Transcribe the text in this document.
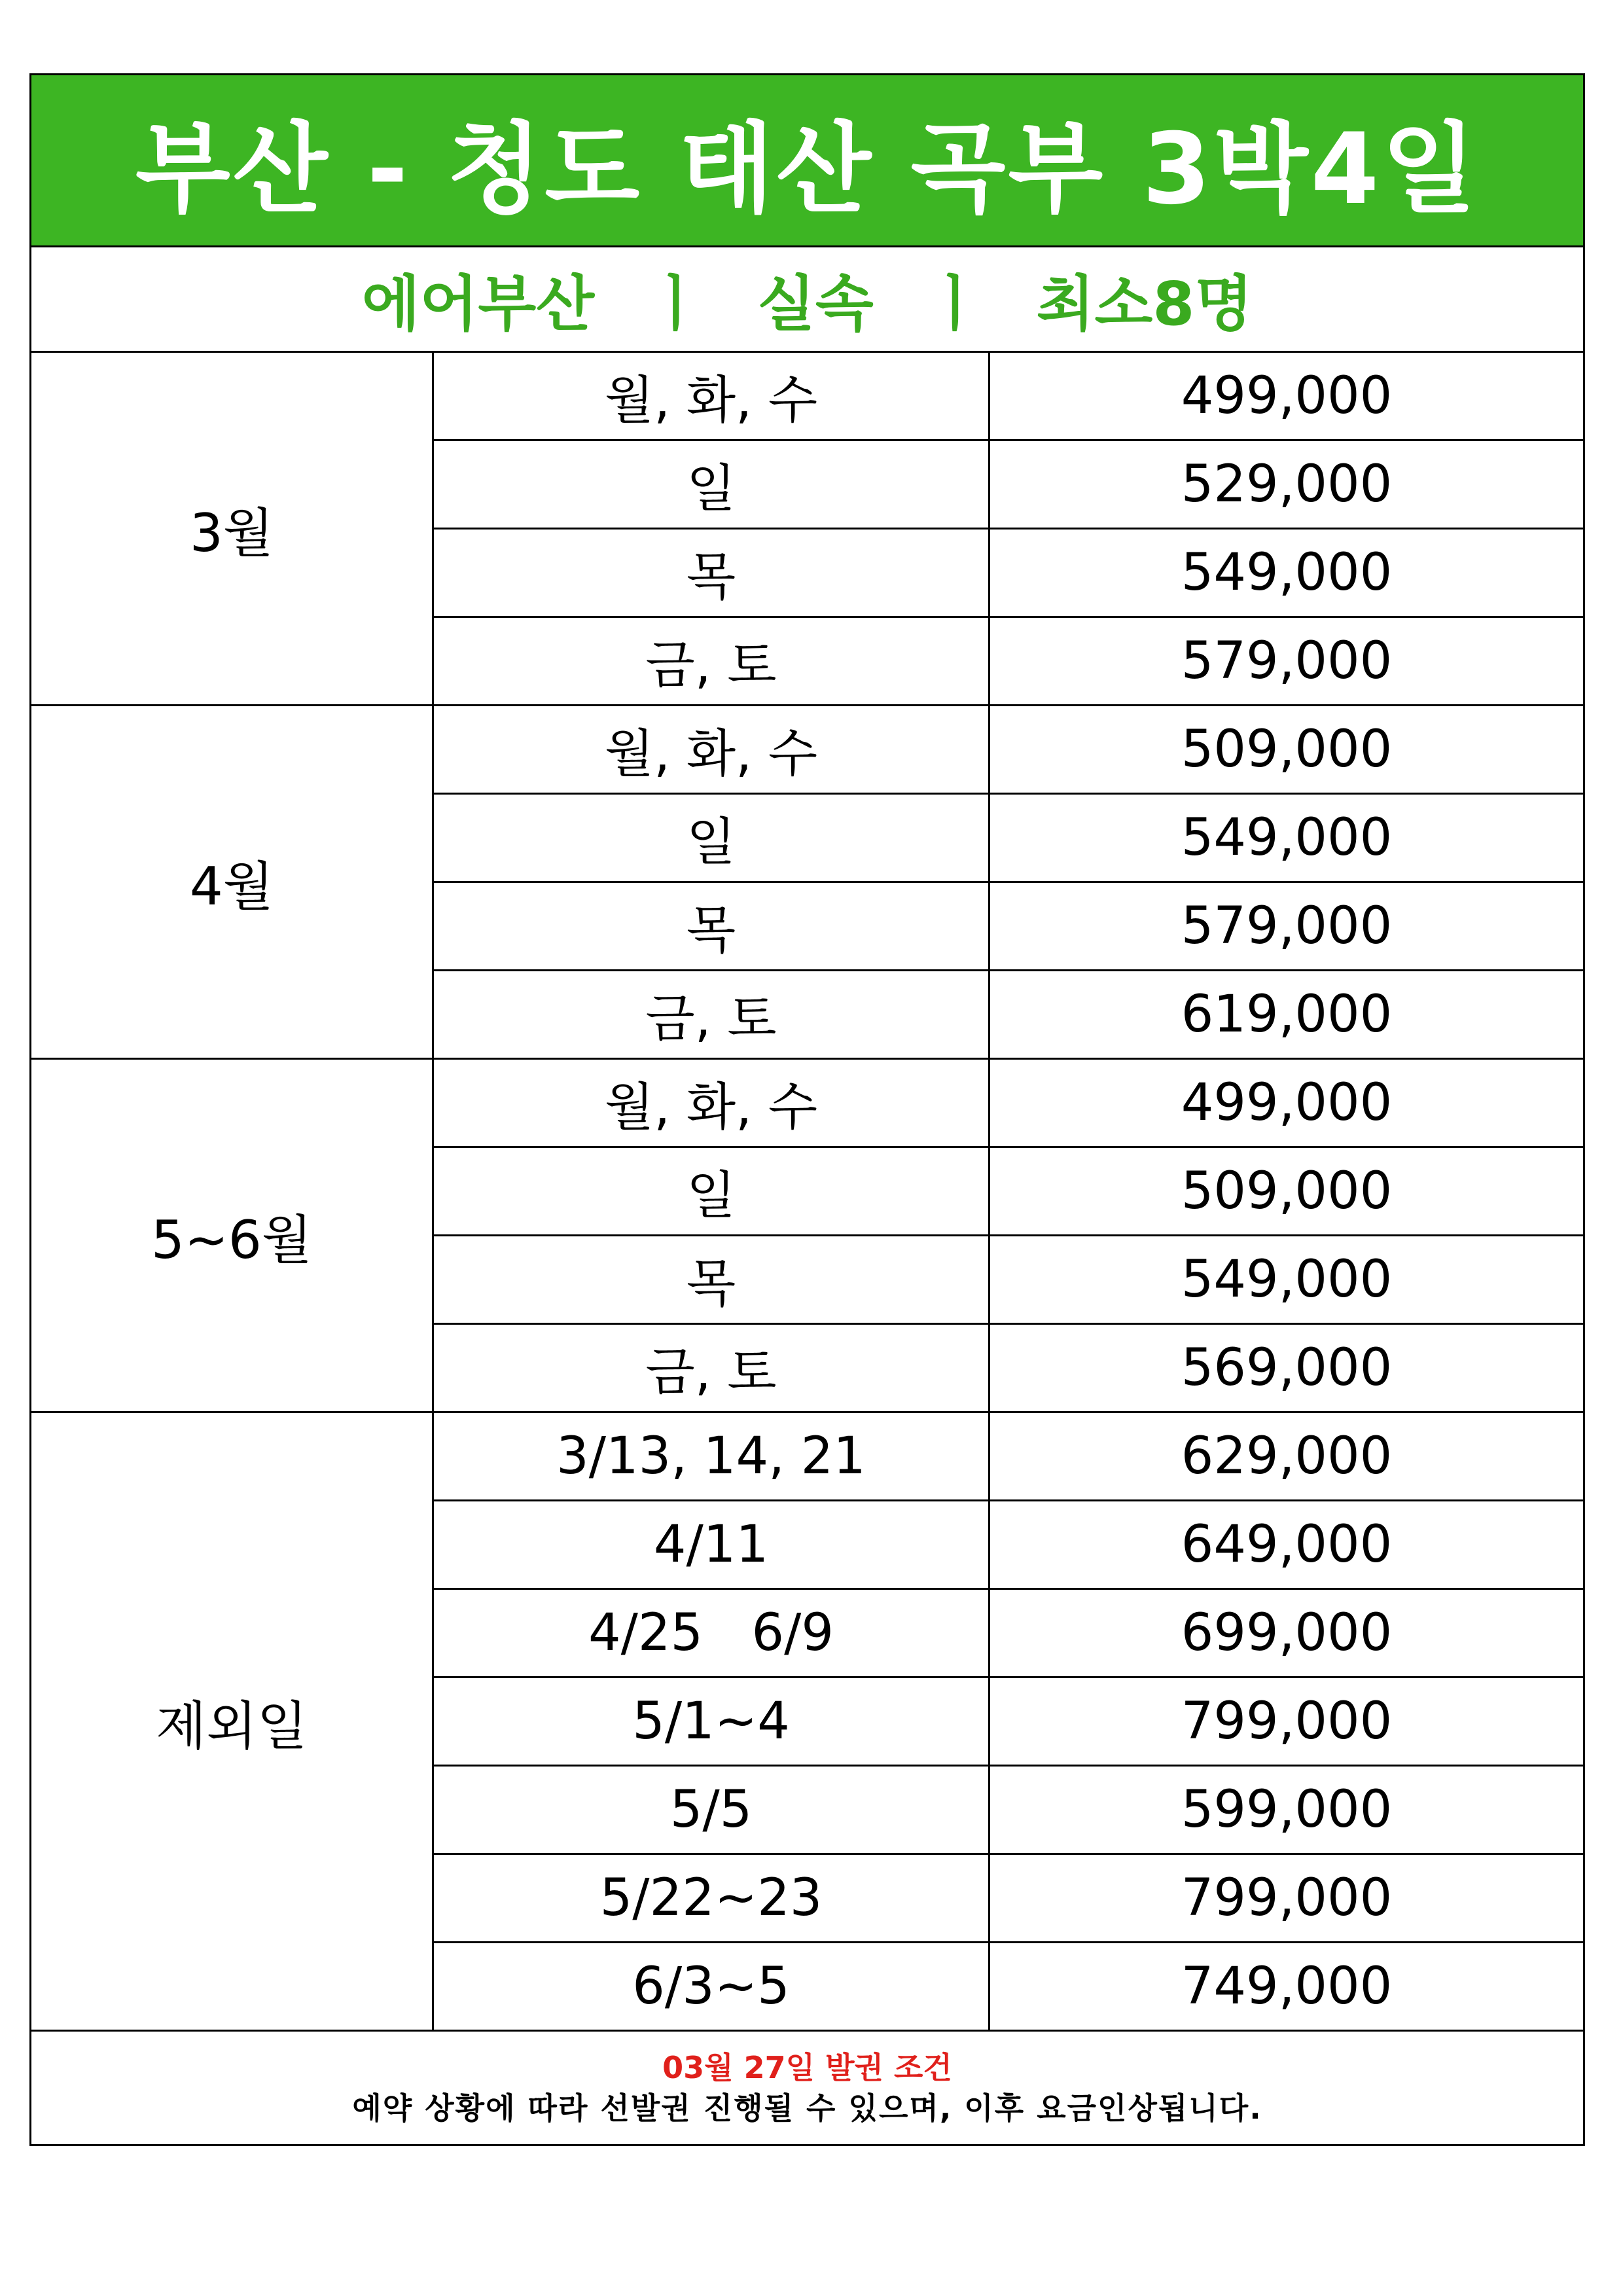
부산 - 청도 태산 곡부 3박4일		
에어부산 ㅣ 실속 ㅣ 최소8명		
3월	월, 화, 수	499,000
	일	529,000
	목	549,000
	금, 토	579,000
4월	월, 화, 수	509,000
	일	549,000
	목	579,000
	금, 토	619,000
5~6월	월, 화, 수	499,000
	일	509,000
	목	549,000
	금, 토	569,000
제외일	3/13, 14, 21	629,000
	4/11	649,000
	4/25   6/9	699,000
	5/1~4	799,000
	5/5	599,000
	5/22~23	799,000
	6/3~5	749,000

03월 27일 발권 조건
예약 상황에 따라 선발권 진행될 수 있으며, 이후 요금인상됩니다.		
